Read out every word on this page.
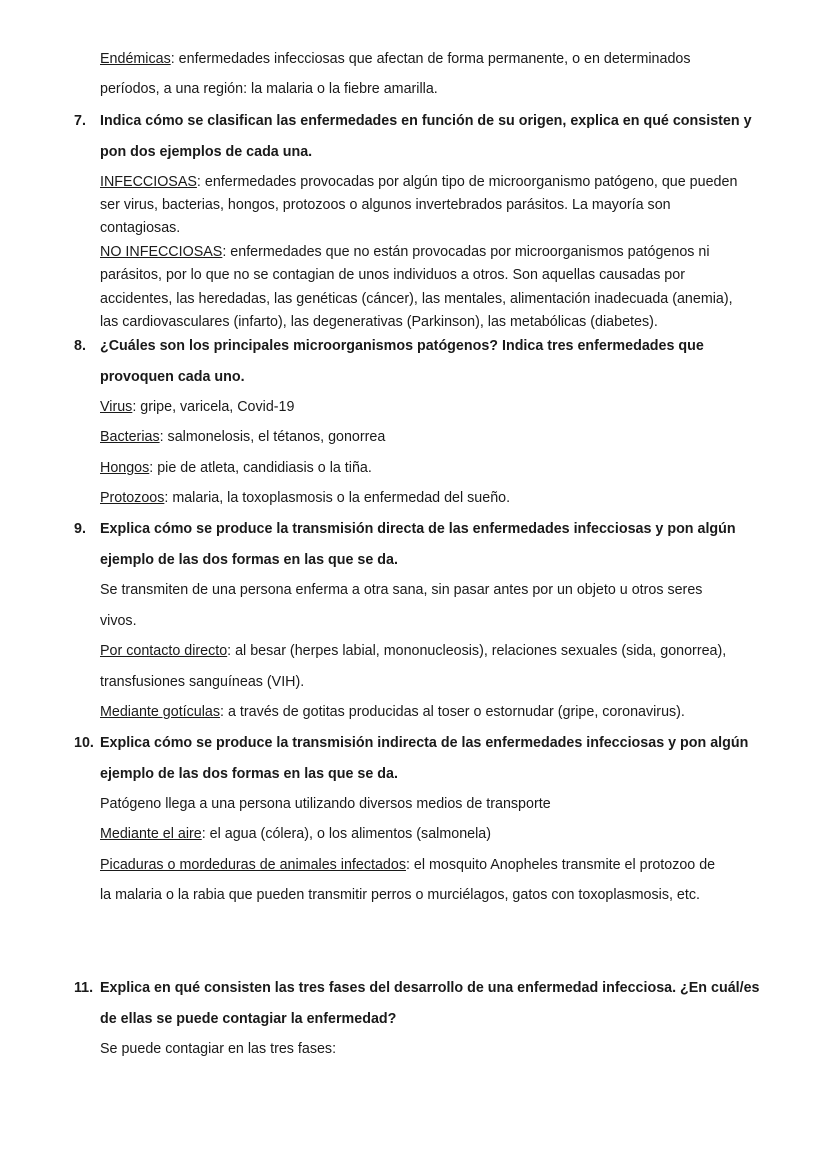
Endémicas: enfermedades infecciosas que afectan de forma permanente, o en determinados
períodos, a una región: la malaria o la fiebre amarilla.
7. Indica cómo se clasifican las enfermedades en función de su origen, explica en qué consisten y
pon dos ejemplos de cada una.
INFECCIOSAS: enfermedades provocadas por algún tipo de microorganismo patógeno, que pueden
ser virus, bacterias, hongos, protozoos o algunos invertebrados parásitos. La mayoría son
contagiosas.
NO INFECCIOSAS: enfermedades que no están provocadas por microorganismos patógenos ni
parásitos, por lo que no se contagian de unos individuos a otros. Son aquellas causadas por
accidentes, las heredadas, las genéticas (cáncer), las mentales, alimentación inadecuada (anemia),
las cardiovasculares (infarto), las degenerativas (Parkinson), las metabólicas (diabetes).
8. ¿Cuáles son los principales microorganismos patógenos? Indica tres enfermedades que
provoquen cada uno.
Virus: gripe, varicela, Covid-19
Bacterias: salmonelosis, el tétanos, gonorrea
Hongos: pie de atleta, candidiasis o la tiña.
Protozoos: malaria, la toxoplasmosis o la enfermedad del sueño.
9. Explica cómo se produce la transmisión directa de las enfermedades infecciosas y pon algún
ejemplo de las dos formas en las que se da.
Se transmiten de una persona enferma a otra sana, sin pasar antes por un objeto u otros seres
vivos.
Por contacto directo: al besar (herpes labial, mononucleosis), relaciones sexuales (sida, gonorrea),
transfusiones sanguíneas (VIH).
Mediante gotículas: a través de gotitas producidas al toser o estornudar (gripe, coronavirus).
10. Explica cómo se produce la transmisión indirecta de las enfermedades infecciosas y pon algún
ejemplo de las dos formas en las que se da.
Patógeno llega a una persona utilizando diversos medios de transporte
Mediante el aire: el agua (cólera), o los alimentos (salmonela)
Picaduras o mordeduras de animales infectados: el mosquito Anopheles transmite el protozoo de
la malaria o la rabia que pueden transmitir perros o murciélagos, gatos con toxoplasmosis, etc.
11. Explica en qué consisten las tres fases del desarrollo de una enfermedad infecciosa. ¿En cuál/es
de ellas se puede contagiar la enfermedad?
Se puede contagiar en las tres fases:
